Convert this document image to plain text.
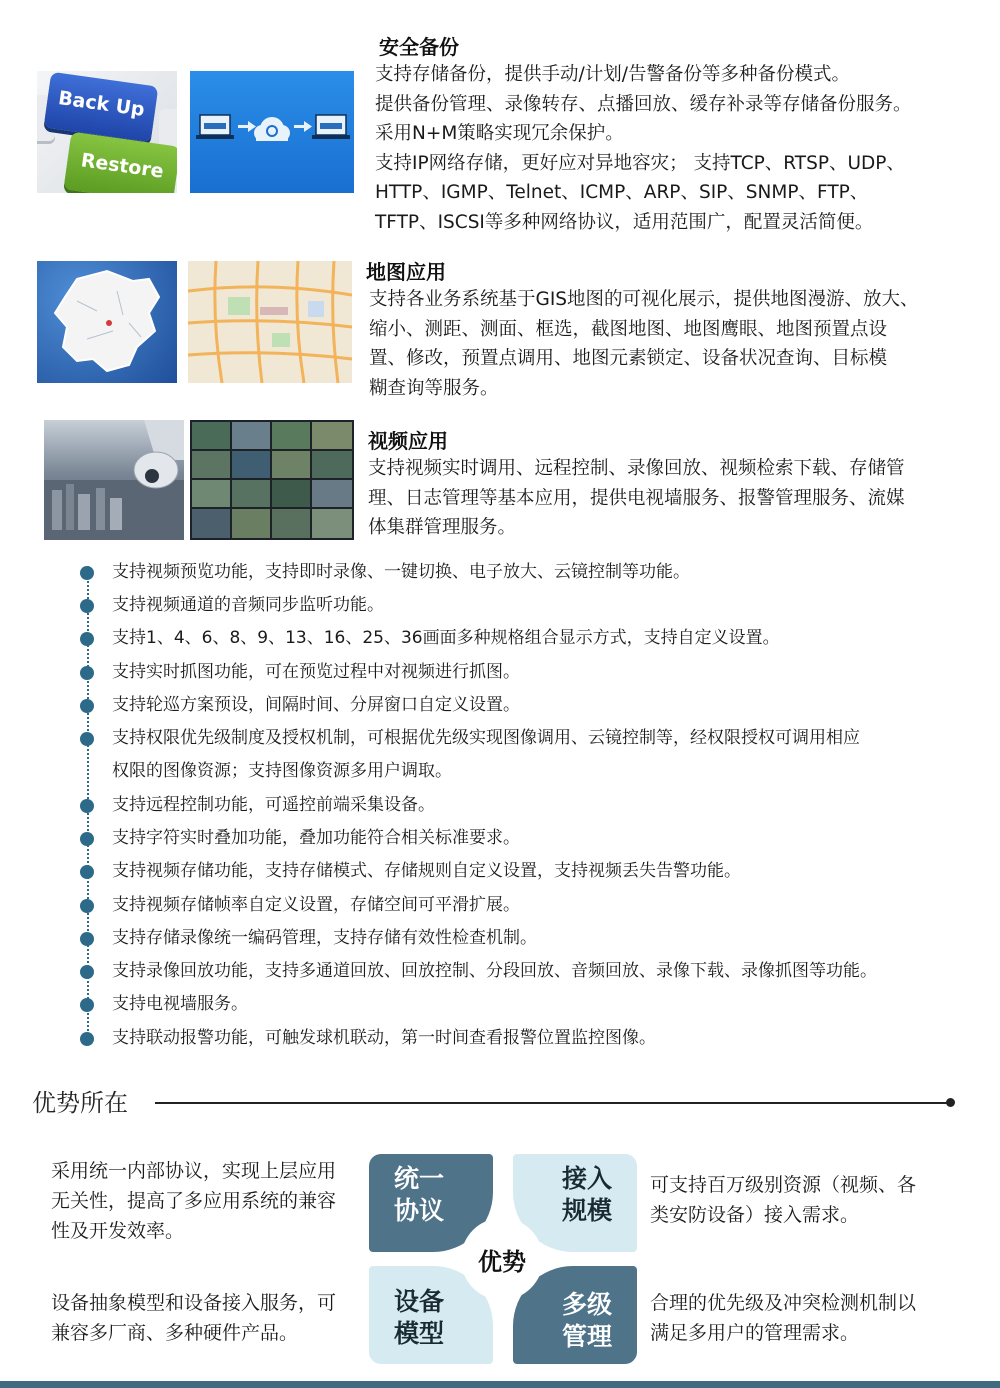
Back Up
Restore
安全备份
支持存储备份，提供手动/计划/告警备份等多种备份模式。
提供备份管理、录像转存、点播回放、缓存补录等存储备份服务。
采用N+M策略实现冗余保护。
支持IP网络存储，更好应对异地容灾； 支持TCP、RTSP、UDP、
HTTP、IGMP、Telnet、ICMP、ARP、SIP、SNMP、FTP、
TFTP、ISCSI等多种网络协议，适用范围广，配置灵活简便。
地图应用
支持各业务系统基于GIS地图的可视化展示，提供地图漫游、放大、
缩小、测距、测面、框选，截图地图、地图鹰眼、地图预置点设
置、修改，预置点调用、地图元素锁定、设备状况查询、目标模
糊查询等服务。
视频应用
支持视频实时调用、远程控制、录像回放、视频检索下载、存储管
理、日志管理等基本应用，提供电视墙服务、报警管理服务、流媒
体集群管理服务。
支持视频预览功能，支持即时录像、一键切换、电子放大、云镜控制等功能。
支持视频通道的音频同步监听功能。
支持1、4、6、8、9、13、16、25、36画面多种规格组合显示方式，支持自定义设置。
支持实时抓图功能，可在预览过程中对视频进行抓图。
支持轮巡方案预设，间隔时间、分屏窗口自定义设置。
支持权限优先级制度及授权机制，可根据优先级实现图像调用、云镜控制等，经权限授权可调用相应
权限的图像资源；支持图像资源多用户调取。
支持远程控制功能，可遥控前端采集设备。
支持字符实时叠加功能，叠加功能符合相关标准要求。
支持视频存储功能，支持存储模式、存储规则自定义设置，支持视频丢失告警功能。
支持视频存储帧率自定义设置，存储空间可平滑扩展。
支持存储录像统一编码管理，支持存储有效性检查机制。
支持录像回放功能，支持多通道回放、回放控制、分段回放、音频回放、录像下载、录像抓图等功能。
支持电视墙服务。
支持联动报警功能，可触发球机联动，第一时间查看报警位置监控图像。
优势所在
采用统一内部协议，实现上层应用
无关性，提高了多应用系统的兼容
性及开发效率。
可支持百万级别资源（视频、各
类安防设备）接入需求。
设备抽象模型和设备接入服务，可
兼容多厂商、多种硬件产品。
合理的优先级及冲突检测机制以
满足多用户的管理需求。
统一
协议
接入
规模
设备
模型
多级
管理
优势
